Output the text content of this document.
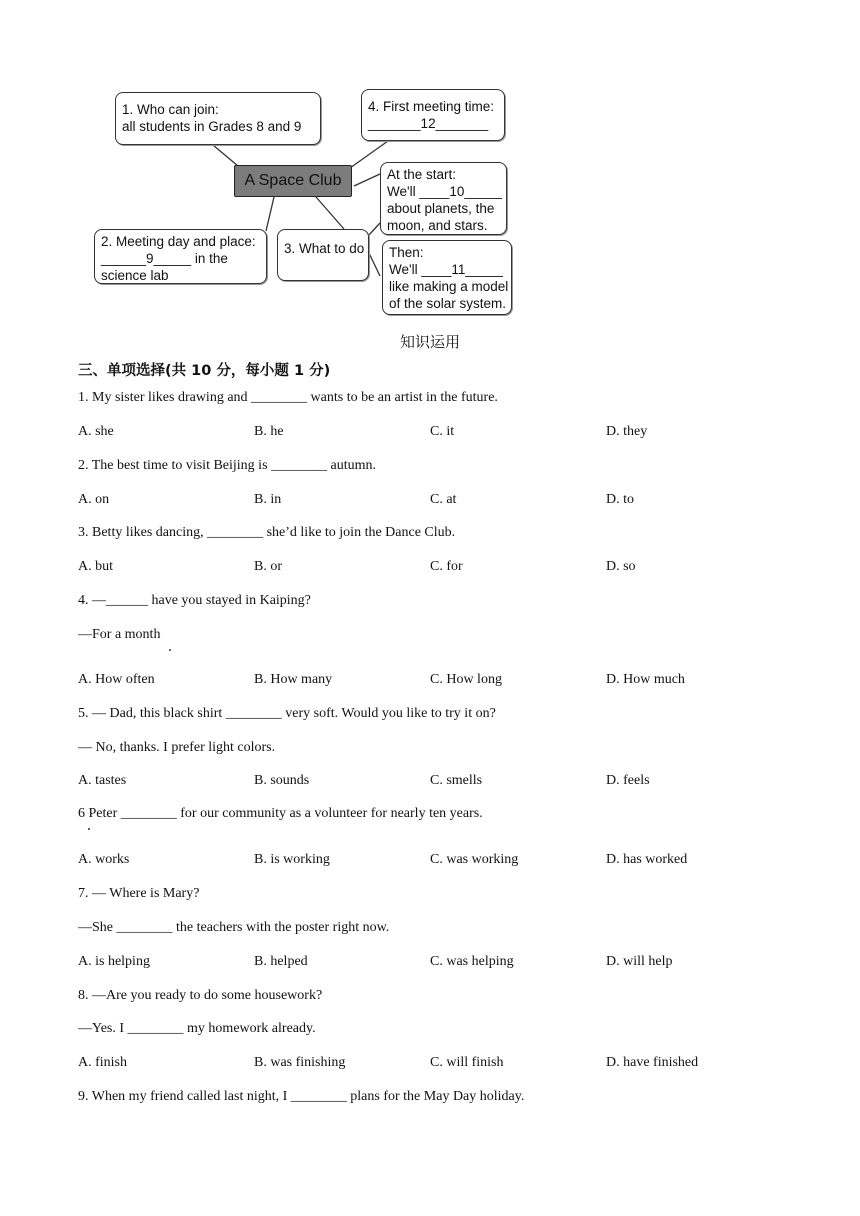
1. Who can join:
all students in Grades 8 and 9
4. First meeting time:
_______12_______
A Space Club	At the start:
We'll ____10_____
about planets, the
moon, and stars.
2. Meeting day and place:
______9_____ in the
science lab
3. What to do Then:
We'll ____11_____
like making a model
of the solar system.
知识运用
三、单项选择(共 10 分，每小题 1 分)
1. My sister likes drawing and ________ wants to be an artist in the future.
A. she	B. he	C. it	D. they
2. The best time to visit Beijing is ________ autumn.
A. on	B. in	C. at	D. to
3. Betty likes dancing, ________ she’d like to join the Dance Club.
A. but	B. or	C. for	D. so
4. —______ have you stayed in Kaiping?
—For a month
A. How often	B. How many	C. How long	D. How much
5. — Dad, this black shirt ________ very soft. Would you like to try it on?
— No, thanks. I prefer light colors.
A. tastes	B. sounds	C. smells	D. feels
6 Peter ________ for our community as a volunteer for nearly ten years.
A. works	B. is working	C. was working	D. has worked
7. — Where is Mary?
—She ________ the teachers with the poster right now.
A. is helping	B. helped	C. was helping	D. will help
8. —Are you ready to do some housework?
—Yes. I ________ my homework already.
A. finish	B. was finishing	C. will finish	D. have finished
9. When my friend called last night, I ________ plans for the May Day holiday.
